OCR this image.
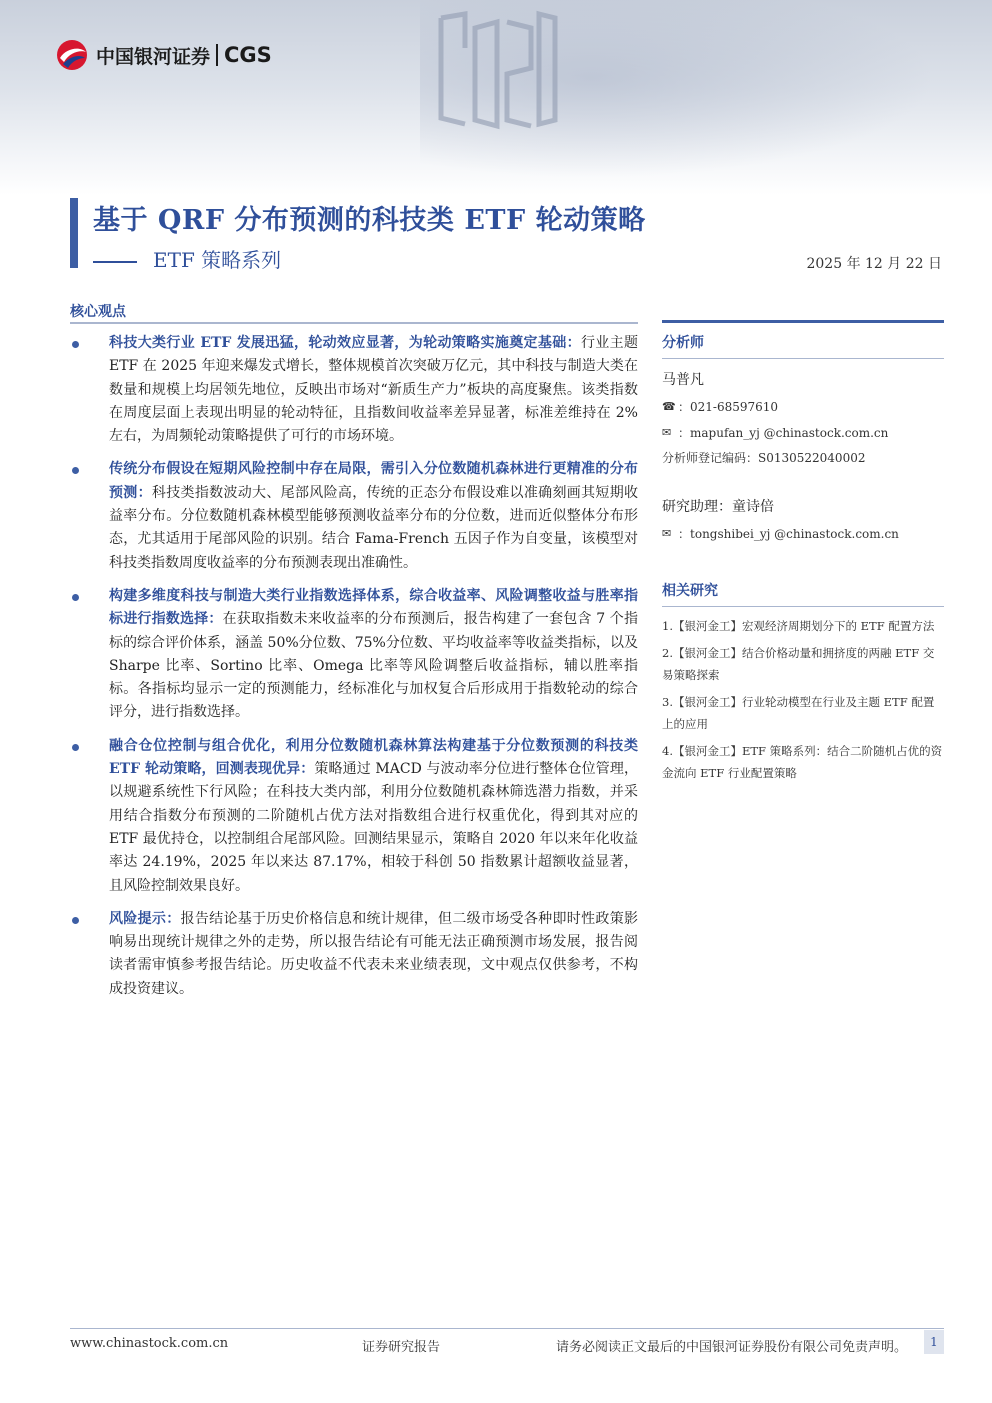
中国银河证券 CGS
基于 QRF 分布预测的科技类 ETF 轮动策略
ETF 策略系列	2025 年 12 月 22 日
核心观点

科技大类行业 ETF 发展迅猛，轮动效应显著，为轮动策略实施奠定基础：行业主题 ETF 在 2025 年迎来爆发式增长，整体规模首次突破万亿元，其中科技与制造大类在数量和规模上均居领先地位，反映出市场对“新质生产力”板块的高度聚焦。该类指数在周度层面上表现出明显的轮动特征，且指数间收益率差异显著，标准差维持在 2%左右，为周频轮动策略提供了可行的市场环境。

传统分布假设在短期风险控制中存在局限，需引入分位数随机森林进行更精准的分布预测：科技类指数波动大、尾部风险高，传统的正态分布假设难以准确刻画其短期收益率分布。分位数随机森林模型能够预测收益率分布的分位数，进而近似整体分布形态，尤其适用于尾部风险的识别。结合 Fama-French 五因子作为自变量，该模型对科技类指数周度收益率的分布预测表现出准确性。

构建多维度科技与制造大类行业指数选择体系，综合收益率、风险调整收益与胜率指标进行指数选择：在获取指数未来收益率的分布预测后，报告构建了一套包含 7 个指标的综合评价体系，涵盖 50%分位数、75%分位数、平均收益率等收益类指标，以及 Sharpe 比率、Sortino 比率、Omega 比率等风险调整后收益指标，辅以胜率指标。各指标均显示一定的预测能力，经标准化与加权复合后形成用于指数轮动的综合评分，进行指数选择。

融合仓位控制与组合优化，利用分位数随机森林算法构建基于分位数预测的科技类 ETF 轮动策略，回测表现优异：策略通过 MACD 与波动率分位进行整体仓位管理，以规避系统性下行风险；在科技大类内部，利用分位数随机森林筛选潜力指数，并采用结合指数分布预测的二阶随机占优方法对指数组合进行权重优化，得到其对应的 ETF 最优持仓，以控制组合尾部风险。回测结果显示，策略自 2020 年以来年化收益率达 24.19%，2025 年以来达 87.17%，相较于科创 50 指数累计超额收益显著，且风险控制效果良好。

风险提示：报告结论基于历史价格信息和统计规律，但二级市场受各种即时性政策影响易出现统计规律之外的走势，所以报告结论有可能无法正确预测市场发展，报告阅读者需审慎参考报告结论。历史收益不代表未来业绩表现，文中观点仅供参考，不构成投资建议。

分析师
马普凡
☎ ： 021-68597610
✉ ： mapufan_yj @chinastock.com.cn
分析师登记编码：S0130522040002
研究助理：童诗倍
✉ ： tongshibei_yj @chinastock.com.cn
相关研究
1.【银河金工】宏观经济周期划分下的 ETF 配置方法
2.【银河金工】结合价格动量和拥挤度的两融 ETF 交易策略探索
3.【银河金工】行业轮动模型在行业及主题 ETF 配置上的应用
4.【银河金工】ETF 策略系列：结合二阶随机占优的资金流向 ETF 行业配置策略
www.chinastock.com.cn	证券研究报告	请务必阅读正文最后的中国银河证券股份有限公司免责声明。	1
